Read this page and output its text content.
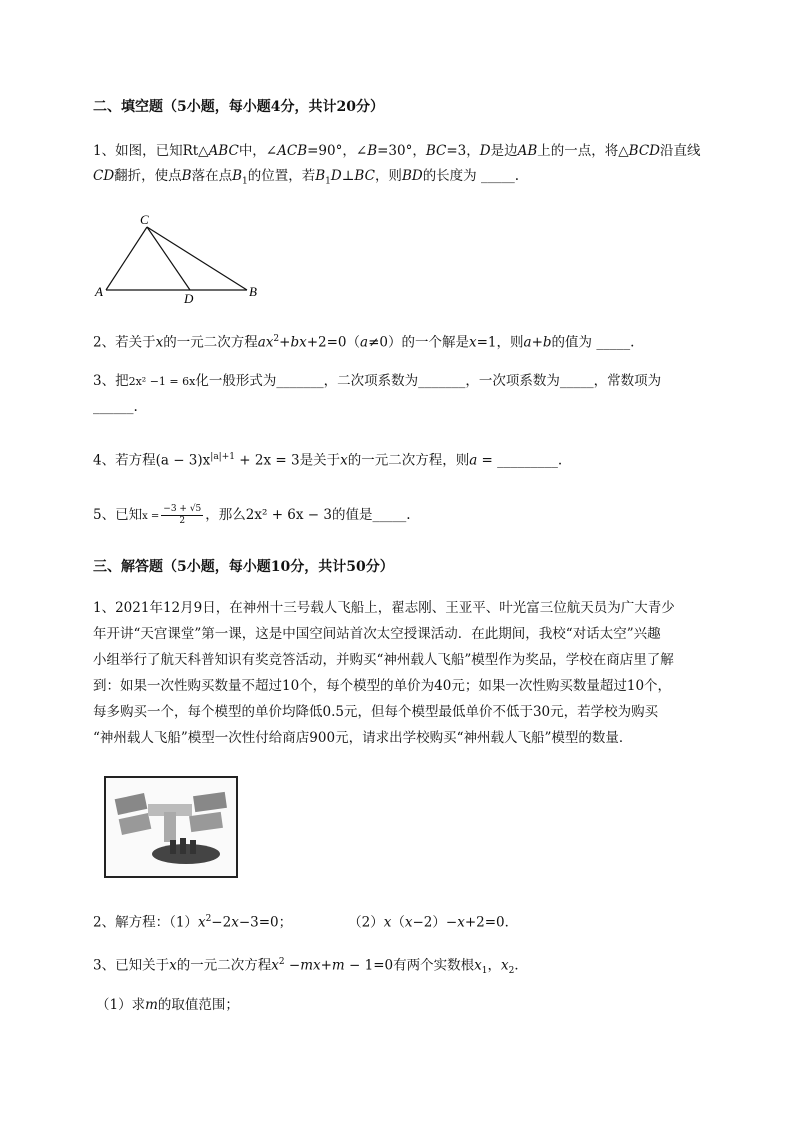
二、填空题（5小题，每小题4分，共计20分）
1、如图，已知Rt△ABC中，∠ACB=90°，∠B=30°，BC=3，D是边AB上的一点，将△BCD沿直线
CD翻折，使点B落在点$B_1$的位置，若$B_1D\perp BC$，则BD的长度为 _____.
C
A	D	B
2、若关于x的一元二次方程$ax^2+bx+2=0(a\ne 0)$的一个解是x=1，则a+b的值为 _____.
3、把2x² −1 = 6x化一般形式为_______，二次项系数为_______，一次项系数为_____，常数项为
______.
4、若方程$(a - 3)x^{|a|+1} + 2x = 3$是关于x的一元二次方程，则a = _________.
5、已知$x = \frac{-3 + √5}{2}$ ，那么2x² + 6x − 3的值是_____.
三、解答题（5小题，每小题10分，共计50分）
1、2021年12月9日，在神州十三号载人飞船上，翟志刚、王亚平、叶光富三位航天员为广大青少
年开讲“天宫课堂”第一课，这是中国空间站首次太空授课活动．在此期间，我校“对话太空”兴趣
小组举行了航天科普知识有奖竞答活动，并购买“神州载人飞船”模型作为奖品，学校在商店里了解
到：如果一次性购买数量不超过10个，每个模型的单价为40元；如果一次性购买数量超过10个，
每多购买一个，每个模型的单价均降低0.5元，但每个模型最低单价不低于30元，若学校为购买
“神州载人飞船”模型一次性付给商店900元，请求出学校购买“神州载人飞船”模型的数量．
2、解方程：$(1)x^2-2x-3=0$；	（2）x（x−2）−x+2=0．
3、已知关于x的一元二次方程$x^2 -mx+m - 1=0$有两个实数根$x_1$，$x_2$．
（1）求m的取值范围；
